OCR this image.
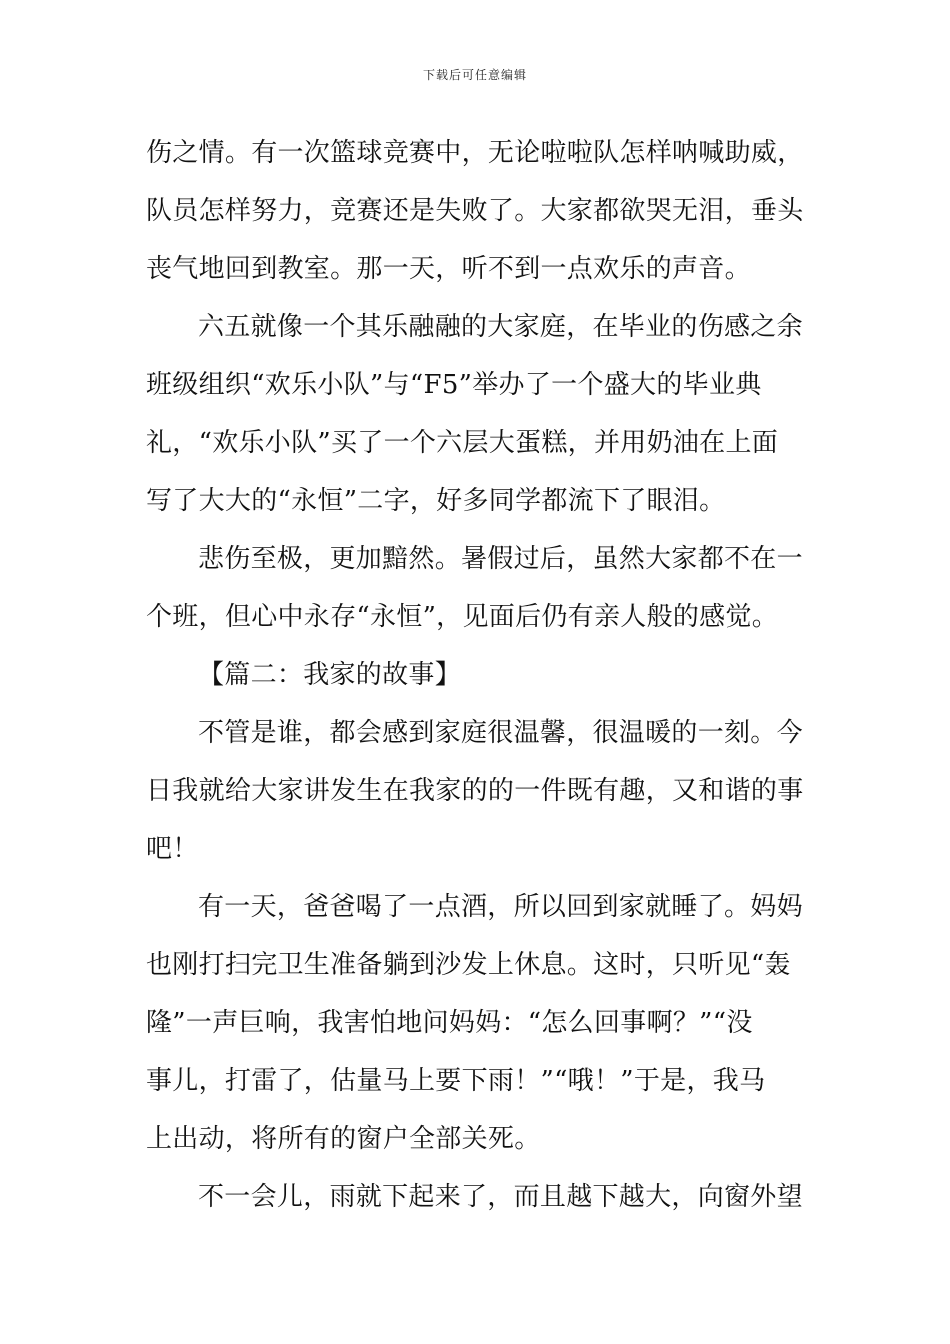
下载后可任意编辑
伤之情。有一次篮球竞赛中，无论啦啦队怎样呐喊助威，
队员怎样努力，竞赛还是失败了。大家都欲哭无泪，垂头
丧气地回到教室。那一天，听不到一点欢乐的声音。
六五就像一个其乐融融的大家庭，在毕业的伤感之余
班级组织“欢乐小队”与“F5”举办了一个盛大的毕业典
礼，“欢乐小队”买了一个六层大蛋糕，并用奶油在上面
写了大大的“永恒”二字，好多同学都流下了眼泪。
悲伤至极，更加黯然。暑假过后，虽然大家都不在一
个班，但心中永存“永恒”，见面后仍有亲人般的感觉。
【篇二：我家的故事】
不管是谁，都会感到家庭很温馨，很温暖的一刻。今
日我就给大家讲发生在我家的的一件既有趣，又和谐的事
吧！
有一天，爸爸喝了一点酒，所以回到家就睡了。妈妈
也刚打扫完卫生准备躺到沙发上休息。这时，只听见“轰
隆”一声巨响，我害怕地问妈妈：“怎么回事啊？”“没
事儿，打雷了，估量马上要下雨！”“哦！”于是，我马
上出动，将所有的窗户全部关死。
不一会儿，雨就下起来了，而且越下越大，向窗外望
